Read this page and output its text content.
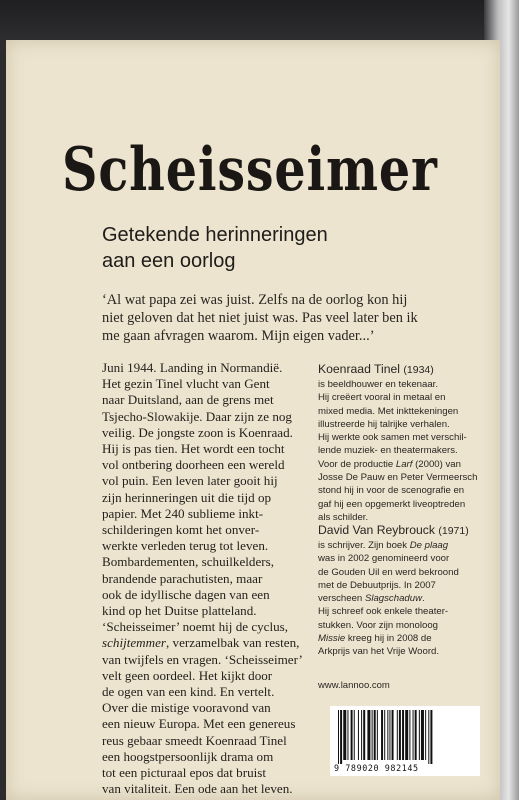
Scheisseimer
Getekende herinneringen
aan een oorlog
‘Al wat papa zei was juist. Zelfs na de oorlog kon hij
niet geloven dat het niet juist was. Pas veel later ben ik
me gaan afvragen waarom. Mijn eigen vader...’
Juni 1944. Landing in Normandië.
Het gezin Tinel vlucht van Gent
naar Duitsland, aan de grens met
Tsjecho-Slowakije. Daar zijn ze nog
veilig. De jongste zoon is Koenraad.
Hij is pas tien. Het wordt een tocht
vol ontbering doorheen een wereld
vol puin. Een leven later gooit hij
zijn herinneringen uit die tijd op
papier. Met 240 sublieme inkt-
schilderingen komt het onver-
werkte verleden terug tot leven.
Bombardementen, schuilkelders,
brandende parachutisten, maar
ook de idyllische dagen van een
kind op het Duitse platteland.
‘Scheisseimer’ noemt hij de cyclus,
schijtemmer, verzamelbak van resten,
van twijfels en vragen. ‘Scheisseimer’
velt geen oordeel. Het kijkt door
de ogen van een kind. En vertelt.
Over die mistige vooravond van
een nieuw Europa. Met een genereus
reus gebaar smeedt Koenraad Tinel
een hoogstpersoonlijk drama om
tot een picturaal epos dat bruist
van vitaliteit. Een ode aan het leven.
Koenraad Tinel (1934)
is beeldhouwer en tekenaar.
Hij creëert vooral in metaal en
mixed media. Met inkttekeningen
illustreerde hij talrijke verhalen.
Hij werkte ook samen met verschil-
lende muziek- en theatermakers.
Voor de productie Larf (2000) van
Josse De Pauw en Peter Vermeersch
stond hij in voor de scenografie en
gaf hij een opgemerkt liveoptreden
als schilder.
David Van Reybrouck (1971)
is schrijver. Zijn boek De plaag
was in 2002 genomineerd voor
de Gouden Uil en werd bekroond
met de Debuutprijs. In 2007
verscheen Slagschaduw.
Hij schreef ook enkele theater-
stukken. Voor zijn monoloog
Missie kreeg hij in 2008 de
Arkprijs van het Vrije Woord.
www.lannoo.com
9 789020 982145
